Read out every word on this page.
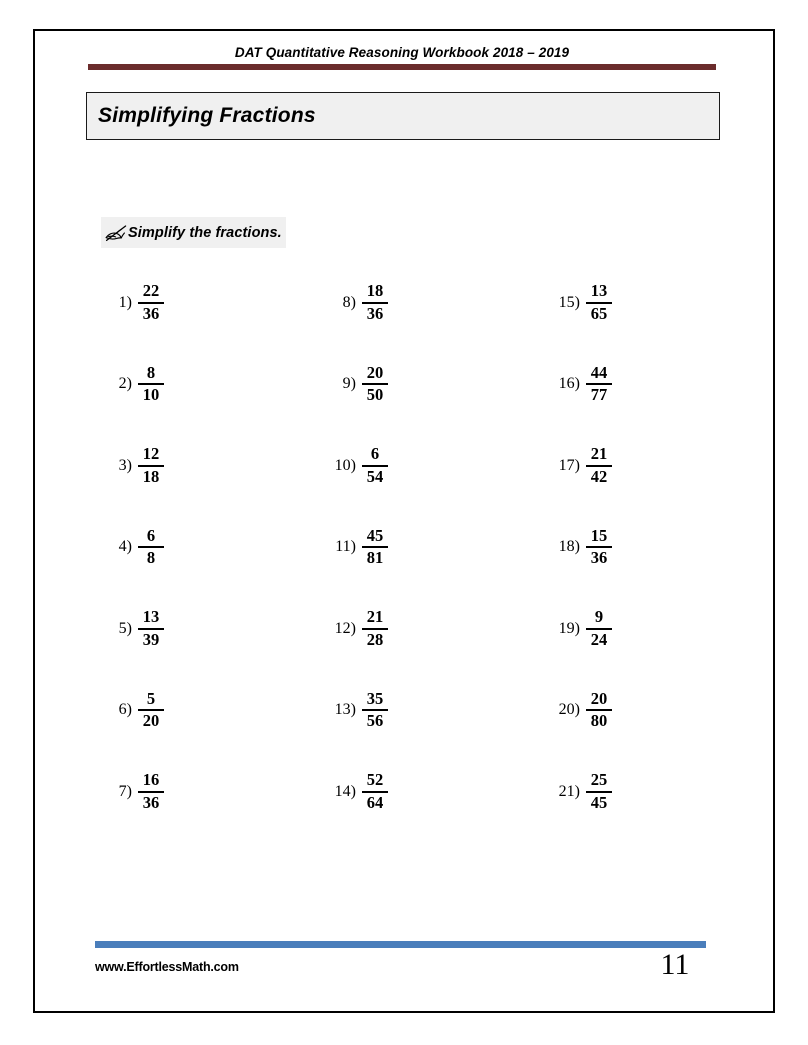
DAT Quantitative Reasoning Workbook 2018 – 2019
Simplifying Fractions
Simplify the fractions.
$1) \frac{22}{36}$	$8) \frac{18}{36}$	$15) \frac{13}{65}$
$2) \frac{8}{10}$	$9) \frac{20}{50}$	$16) \frac{44}{77}$
$3) \frac{12}{18}$	$10) \frac{6}{54}$	$17) \frac{21}{42}$
$4) \frac{6}{8}$	$11) \frac{45}{81}$	$18) \frac{15}{36}$
$5) \frac{13}{39}$	$12) \frac{21}{28}$	$19) \frac{9}{24}$
$6) \frac{5}{20}$	$13) \frac{35}{56}$	$20) \frac{20}{80}$
$7) \frac{16}{36}$	$14) \frac{52}{64}$	$21) \frac{25}{45}$
www.EffortlessMath.com	11
